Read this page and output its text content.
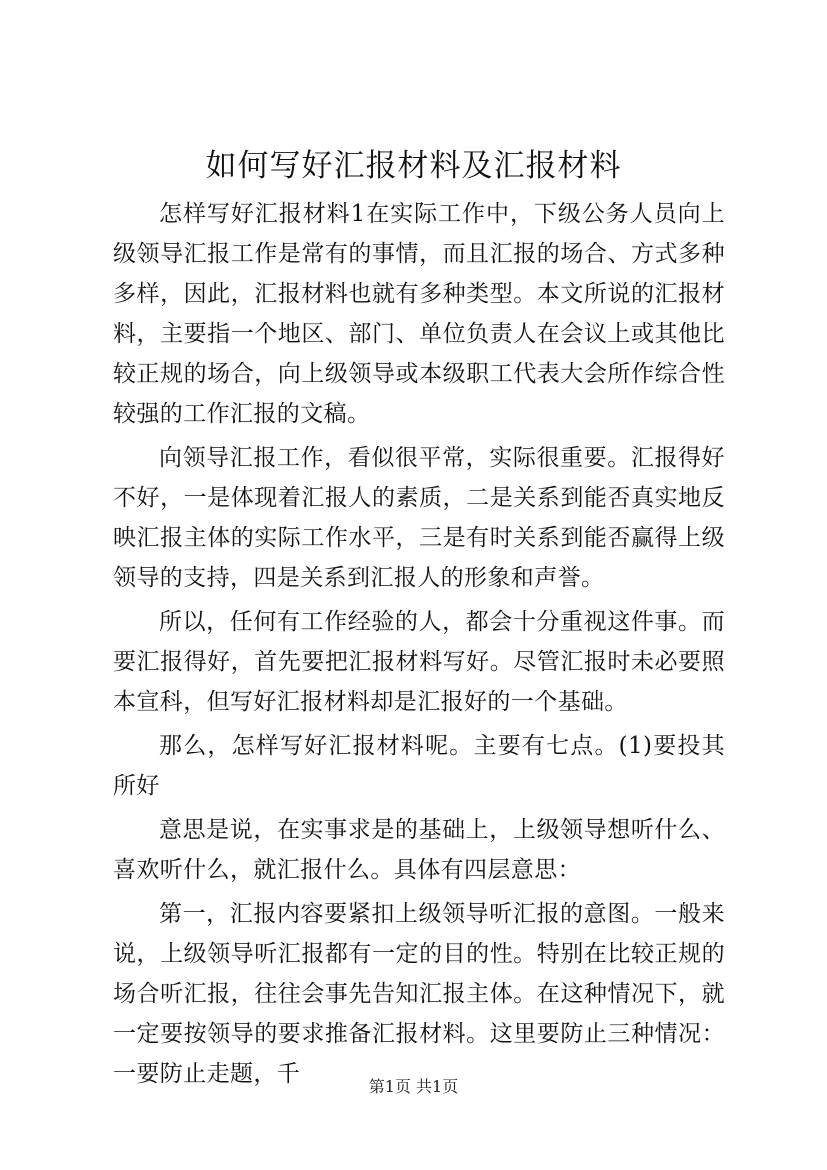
如何写好汇报材料及汇报材料

怎样写好汇报材料1在实际工作中，下级公务人员向上级领导汇报工作是常有的事情，而且汇报的场合、方式多种多样，因此，汇报材料也就有多种类型。本文所说的汇报材料，主要指一个地区、部门、单位负责人在会议上或其他比较正规的场合，向上级领导或本级职工代表大会所作综合性较强的工作汇报的文稿。

向领导汇报工作，看似很平常，实际很重要。汇报得好不好，一是体现着汇报人的素质，二是关系到能否真实地反映汇报主体的实际工作水平，三是有时关系到能否赢得上级领导的支持，四是关系到汇报人的形象和声誉。

所以，任何有工作经验的人，都会十分重视这件事。而要汇报得好，首先要把汇报材料写好。尽管汇报时未必要照本宣科，但写好汇报材料却是汇报好的一个基础。

那么，怎样写好汇报材料呢。主要有七点。(1)要投其所好

意思是说，在实事求是的基础上，上级领导想听什么、喜欢听什么，就汇报什么。具体有四层意思：

第一，汇报内容要紧扣上级领导听汇报的意图。一般来说，上级领导听汇报都有一定的目的性。特别在比较正规的场合听汇报，往往会事先告知汇报主体。在这种情况下，就一定要按领导的要求推备汇报材料。这里要防止三种情况：一要防止走题，千	第1页 共1页
